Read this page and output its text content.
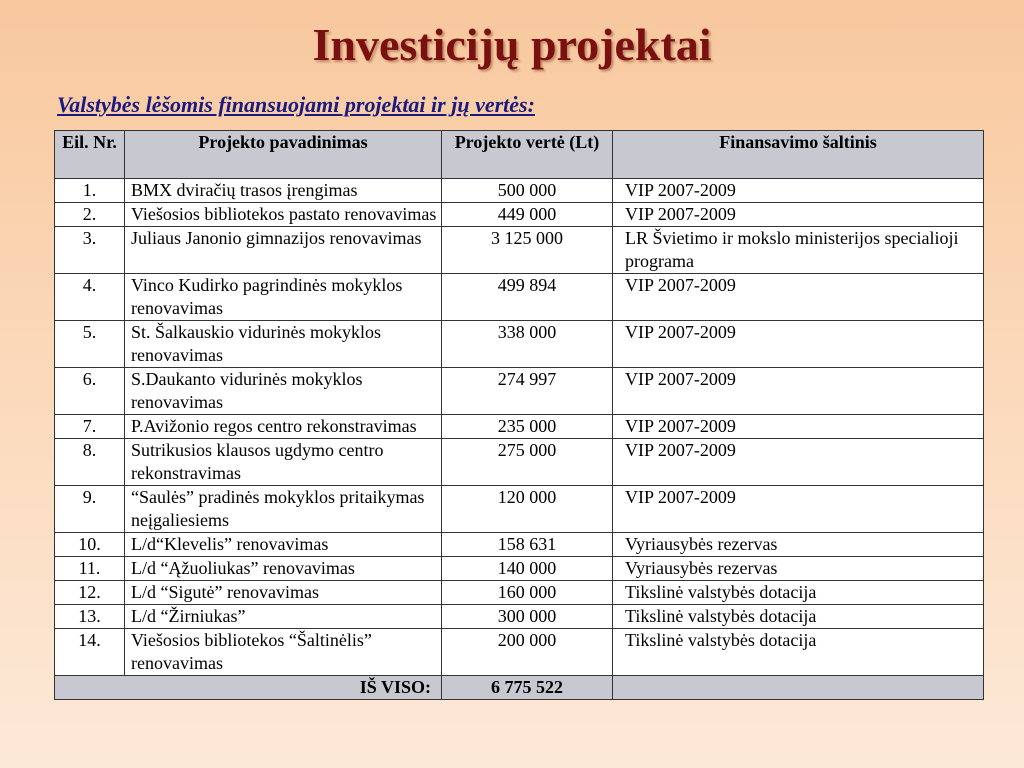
Investicijų projektai

Valstybės lėšomis finansuojami projektai ir jų vertės:

Eil. Nr.	Projekto pavadinimas	Projekto vertė (Lt)	Finansavimo šaltinis
1.	BMX dviračių trasos įrengimas	500 000	VIP 2007-2009
2.	Viešosios bibliotekos pastato renovavimas	449 000	VIP 2007-2009
3.	Juliaus Janonio gimnazijos renovavimas	3 125 000	LR Švietimo ir mokslo ministerijos specialioji programa
4.	Vinco Kudirko pagrindinės mokyklos renovavimas	499 894	VIP 2007-2009
5.	St. Šalkauskio vidurinės mokyklos renovavimas	338 000	VIP 2007-2009
6.	S.Daukanto vidurinės mokyklos renovavimas	274 997	VIP 2007-2009
7.	P.Avižonio regos centro rekonstravimas	235 000	VIP 2007-2009
8.	Sutrikusios klausos ugdymo centro rekonstravimas	275 000	VIP 2007-2009
9.	“Saulės” pradinės mokyklos pritaikymas neįgaliesiems	120 000	VIP 2007-2009
10.	L/d“Klevelis” renovavimas	158 631	Vyriausybės rezervas
11.	L/d “Ąžuoliukas” renovavimas	140 000	Vyriausybės rezervas
12.	L/d “Sigutė” renovavimas	160 000	Tikslinė valstybės dotacija
13.	L/d “Žirniukas”	300 000	Tikslinė valstybės dotacija
14.	Viešosios bibliotekos “Šaltinėlis” renovavimas	200 000	Tikslinė valstybės dotacija
IŠ VISO:		6 775 522	
